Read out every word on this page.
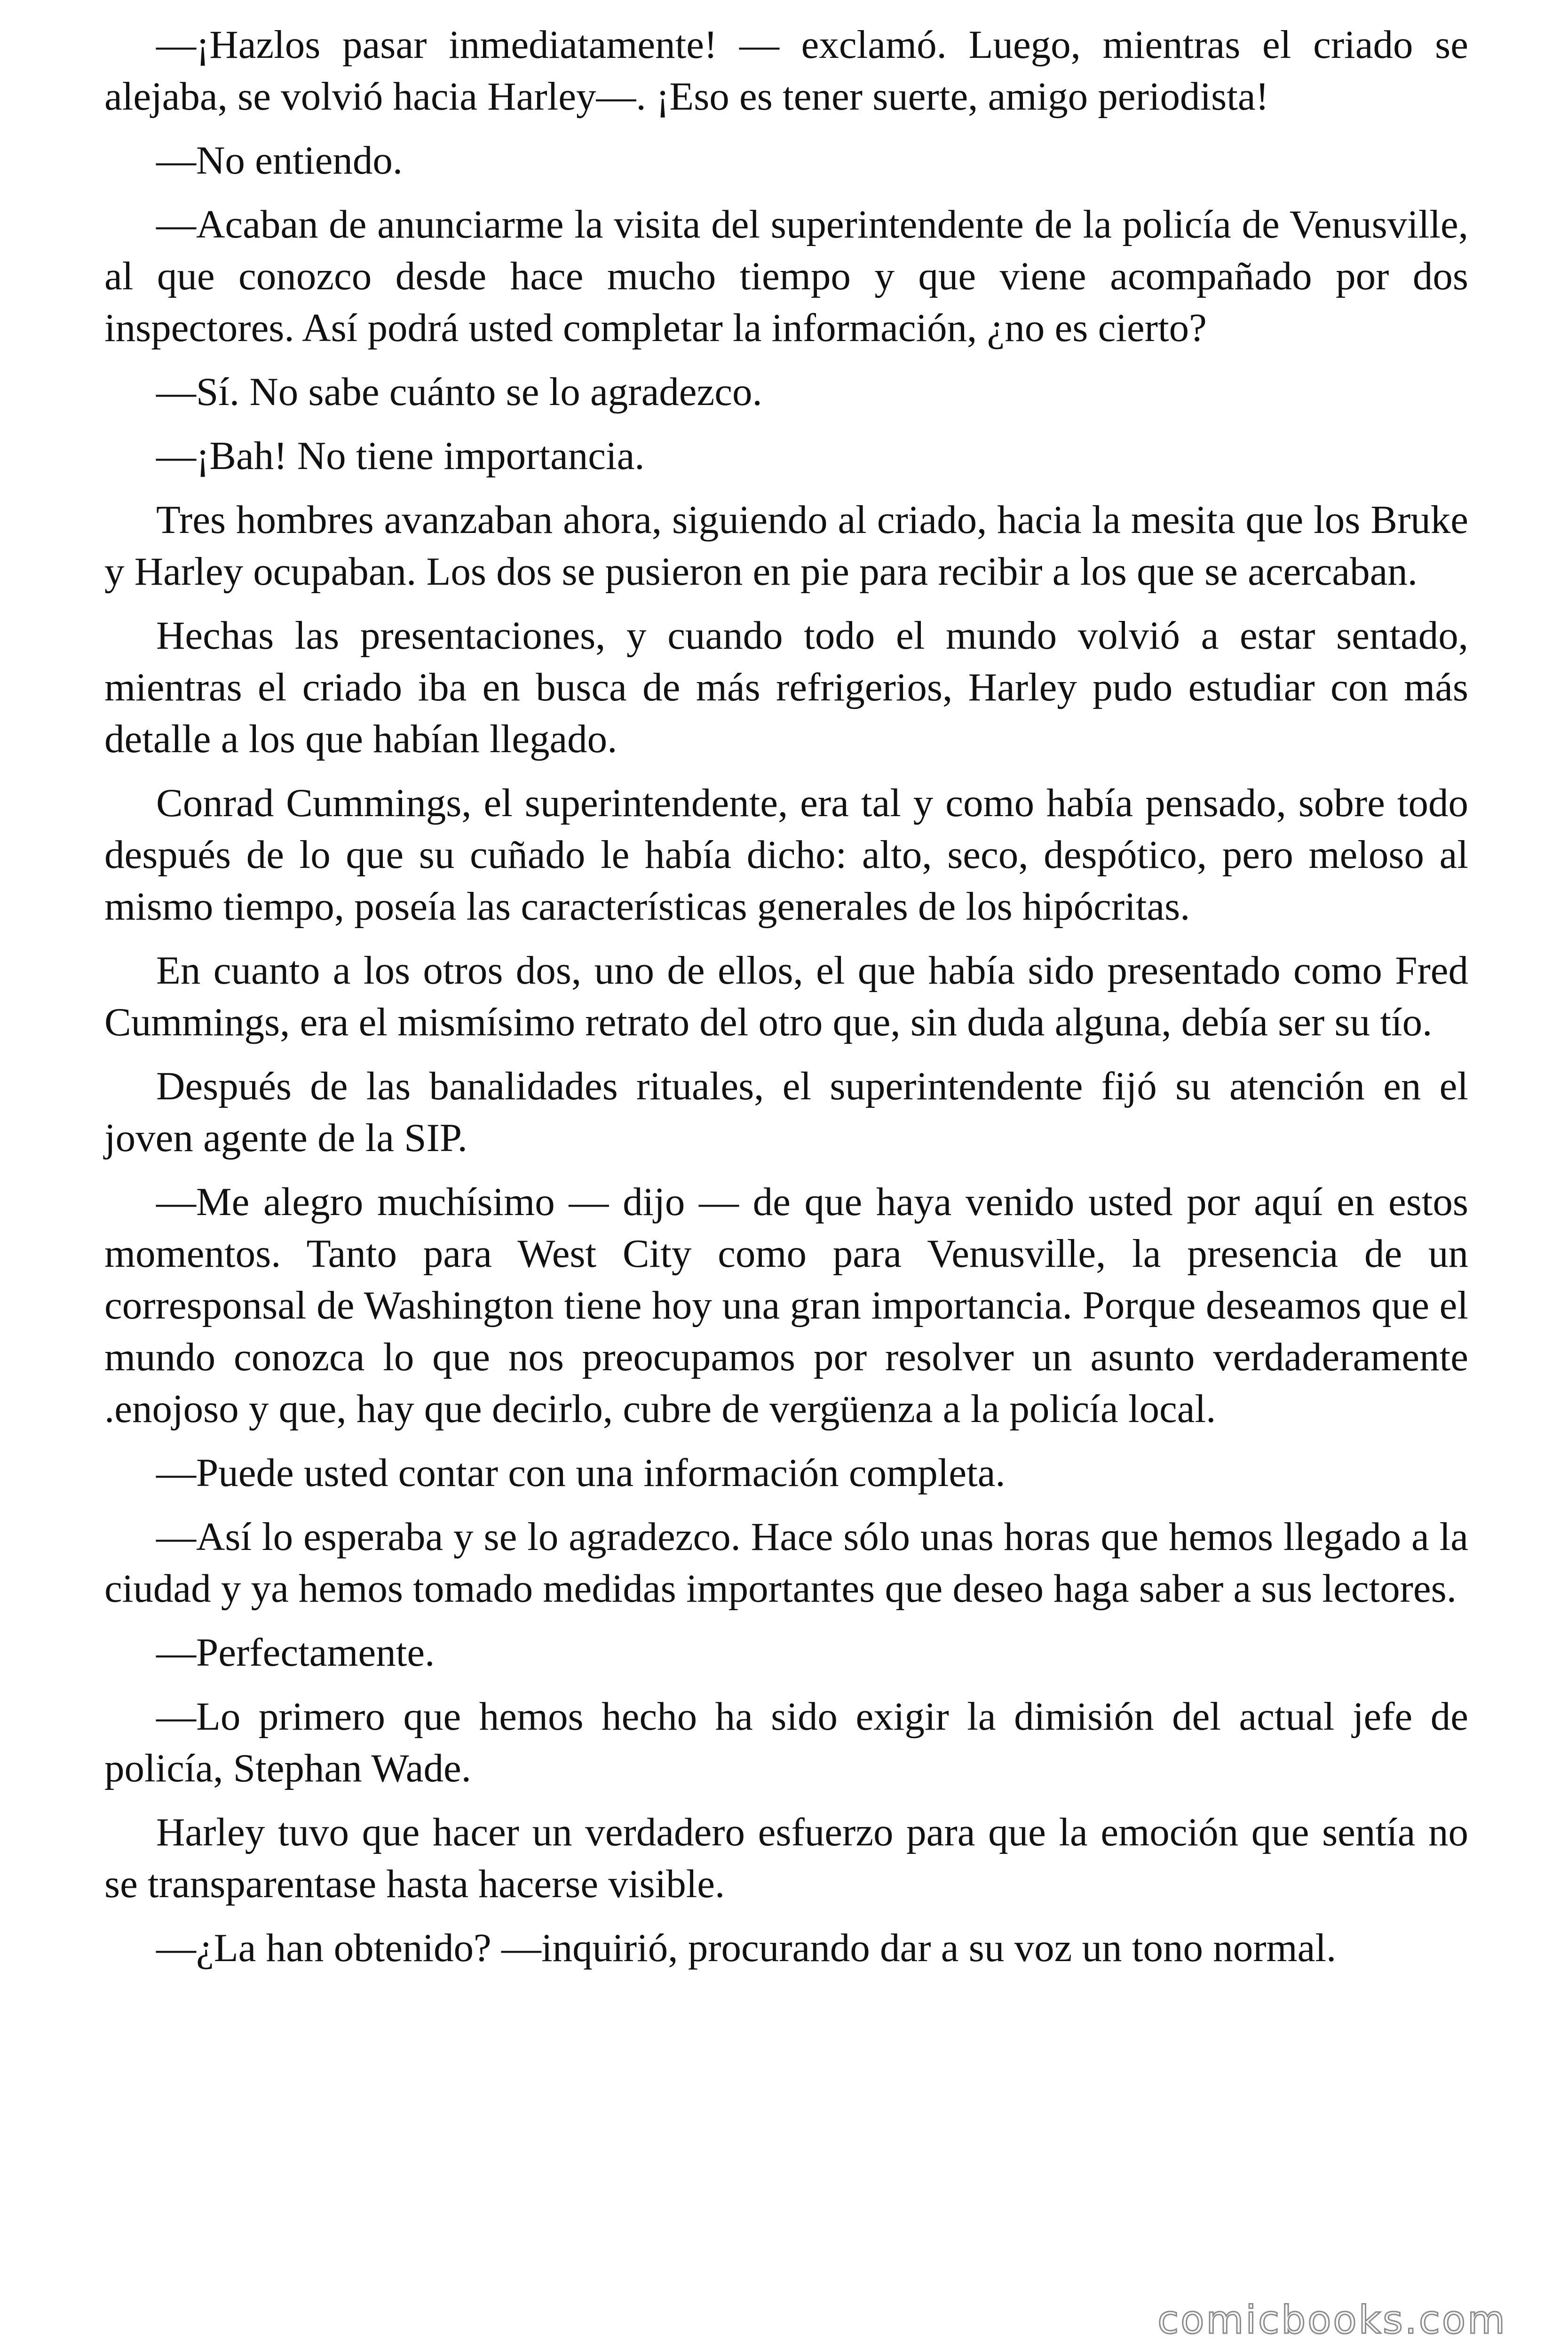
—¡Hazlos pasar inmediatamente! — exclamó. Luego, mientras el criado se alejaba, se volvió hacia Harley—. ¡Eso es tener suerte, amigo periodista!

—No entiendo.

—Acaban de anunciarme la visita del superintendente de la policía de Venusville, al que conozco desde hace mucho tiempo y que viene acompañado por dos inspectores. Así podrá usted completar la información, ¿no es cierto?

—Sí. No sabe cuánto se lo agradezco.

—¡Bah! No tiene importancia.

Tres hombres avanzaban ahora, siguiendo al criado, hacia la mesita que los Bruke y Harley ocupaban. Los dos se pusieron en pie para recibir a los que se acercaban.

Hechas las presentaciones, y cuando todo el mundo volvió a estar sentado, mientras el criado iba en busca de más refrigerios, Harley pudo estudiar con más detalle a los que habían llegado.

Conrad Cummings, el superintendente, era tal y como había pensado, sobre todo después de lo que su cuñado le había dicho: alto, seco, despótico, pero meloso al mismo tiempo, poseía las características generales de los hipócritas.

En cuanto a los otros dos, uno de ellos, el que había sido presentado como Fred Cummings, era el mismísimo retrato del otro que, sin duda alguna, debía ser su tío.

Después de las banalidades rituales, el superintendente fijó su atención en el joven agente de la SIP.

—Me alegro muchísimo — dijo — de que haya venido usted por aquí en estos momentos. Tanto para West City como para Venusville, la presencia de un corresponsal de Washington tiene hoy una gran importancia. Porque deseamos que el mundo conozca lo que nos preocupamos por resolver un asunto verdaderamente .enojoso y que, hay que decirlo, cubre de vergüenza a la policía local.

—Puede usted contar con una información completa.

—Así lo esperaba y se lo agradezco. Hace sólo unas horas que hemos llegado a la ciudad y ya hemos tomado medidas importantes que deseo haga saber a sus lectores.

—Perfectamente.

—Lo primero que hemos hecho ha sido exigir la dimisión del actual jefe de policía, Stephan Wade.

Harley tuvo que hacer un verdadero esfuerzo para que la emoción que sentía no se transparentase hasta hacerse visible.

—¿La han obtenido? —inquirió, procurando dar a su voz un tono normal.

comicbooks.com
